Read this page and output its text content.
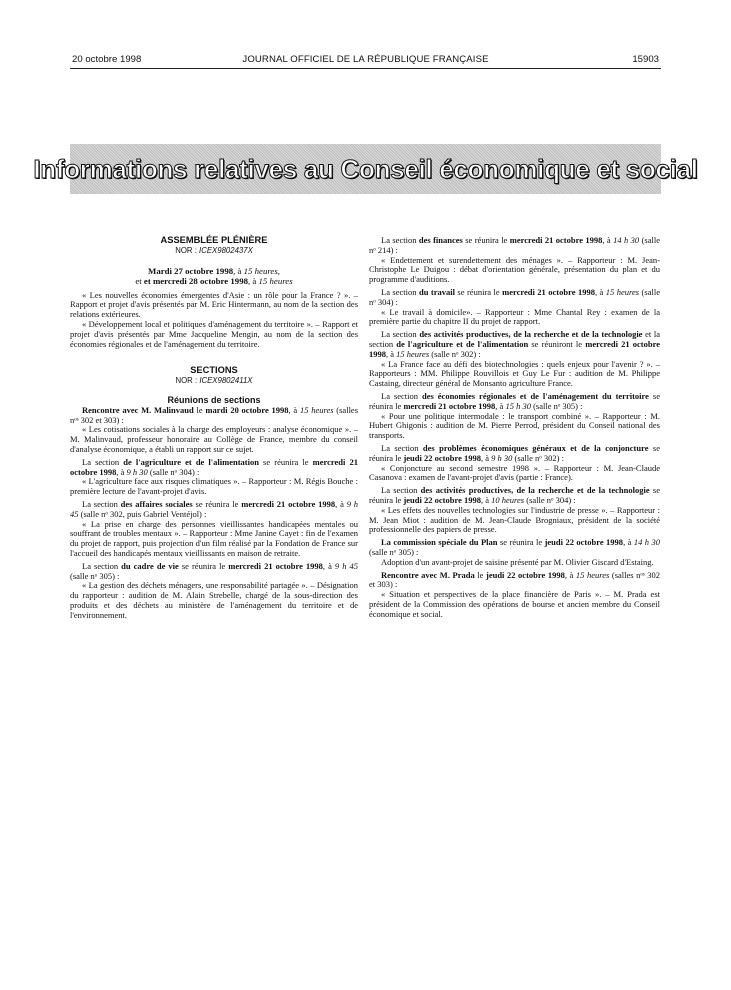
20 octobre 1998	JOURNAL OFFICIEL DE LA RÉPUBLIQUE FRANÇAISE	15903
Informations relatives au Conseil économique et social

ASSEMBLÉE PLÉNIÈRE

NOR : ICEX9802437X

Mardi 27 octobre 1998, à 15 heures,
et et mercredi 28 octobre 1998, à 15 heures

« Les nouvelles économies émergentes d'Asie : un rôle pour la France ? ». – Rapport et projet d'avis présentés par M. Eric Hintermann, au nom de la section des relations extérieures.

« Développement local et politiques d'aménagement du territoire ». – Rapport et projet d'avis présentés par Mme Jacqueline Mengin, au nom de la section des économies régionales et de l'aménagement du territoire.

SECTIONS

NOR : ICEX9802411X

Réunions de sections

Rencontre avec M. Malinvaud le mardi 20 octobre 1998, à 15 heures (salles nᵒˢ 302 et 303) :

« Les cotisations sociales à la charge des employeurs : analyse économique ». – M. Malinvaud, professeur honoraire au Collège de France, membre du conseil d'analyse économique, a établi un rapport sur ce sujet.

La section de l'agriculture et de l'alimentation se réunira le mercredi 21 octobre 1998, à 9 h 30 (salle nᵒ 304) :

« L'agriculture face aux risques climatiques ». – Rapporteur : M. Régis Bouche : première lecture de l'avant-projet d'avis.

La section des affaires sociales se réunira le mercredi 21 octobre 1998, à 9 h 45 (salle nᵒ 302, puis Gabriel Ventéjol) :

« La prise en charge des personnes vieillissantes handicapées mentales ou souffrant de troubles mentaux ». – Rapporteur : Mme Janine Cayet : fin de l'examen du projet de rapport, puis projection d'un film réalisé par la Fondation de France sur l'accueil des handicapés mentaux vieillissants en maison de retraite.

La section du cadre de vie se réunira le mercredi 21 octobre 1998, à 9 h 45 (salle nᵒ 305) :

« La gestion des déchets ménagers, une responsabilité partagée ». – Désignation du rapporteur : audition de M. Alain Strebelle, chargé de la sous-direction des produits et des déchets au ministère de l'aménagement du territoire et de l'environnement.

La section des finances se réunira le mercredi 21 octobre 1998, à 14 h 30 (salle nᵒ 214) :

« Endettement et surendettement des ménages ». – Rapporteur : M. Jean-Christophe Le Duigou : débat d'orientation générale, présentation du plan et du programme d'auditions.

La section du travail se réunira le mercredi 21 octobre 1998, à 15 heures (salle nᵒ 304) :

« Le travail à domicile». – Rapporteur : Mme Chantal Rey : examen de la première partie du chapitre II du projet de rapport.

La section des activités productives, de la recherche et de la technologie et la section de l'agriculture et de l'alimentation se réuniront le mercredi 21 octobre 1998, à 15 heures (salle nᵒ 302) :

« La France face au défi des biotechnologies : quels enjeux pour l'avenir ? ». – Rapporteurs : MM. Philippe Rouvillois et Guy Le Fur : audition de M. Philippe Castaing, directeur général de Monsanto agriculture France.

La section des économies régionales et de l'aménagement du territoire se réunira le mercredi 21 octobre 1998, à 15 h 30 (salle nᵒ 305) :

« Pour une politique intermodale : le transport combiné ». – Rapporteur : M. Hubert Ghigonis : audition de M. Pierre Perrod, président du Conseil national des transports.

La section des problèmes économiques généraux et de la conjoncture se réunira le jeudi 22 octobre 1998, à 9 h 30 (salle nᵒ 302) :

« Conjoncture au second semestre 1998 ». – Rapporteur : M. Jean-Claude Casanova : examen de l'avant-projet d'avis (partie : France).

La section des activités productives, de la recherche et de la technologie se réunira le jeudi 22 octobre 1998, à 10 heures (salle nᵒ 304) :

« Les effets des nouvelles technologies sur l'industrie de presse ». – Rapporteur : M. Jean Miot : audition de M. Jean-Claude Brogniaux, président de la société professionnelle des papiers de presse.

La commission spéciale du Plan se réunira le jeudi 22 octobre 1998, à 14 h 30 (salle nᵒ 305) :

Adoption d'un avant-projet de saisine présenté par M. Olivier Giscard d'Estaing.

Rencontre avec M. Prada le jeudi 22 octobre 1998, à 15 heures (salles nᵒˢ 302 et 303) :

« Situation et perspectives de la place financière de Paris ». – M. Prada est président de la Commission des opérations de bourse et ancien membre du Conseil économique et social.
